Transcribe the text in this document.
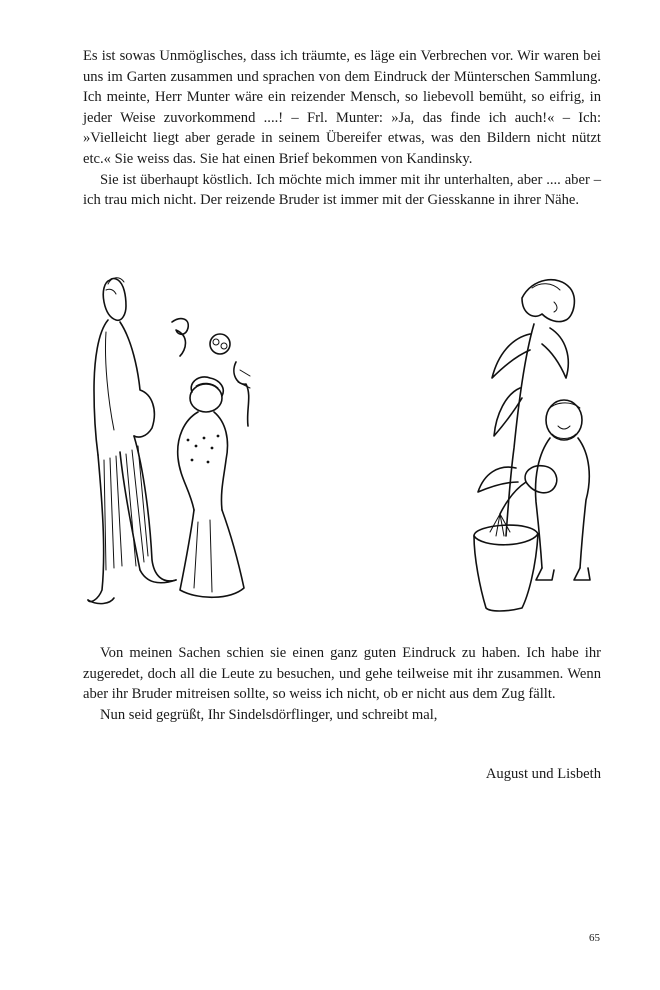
Es ist sowas Unmöglisches, dass ich träumte, es läge ein Verbrechen vor. Wir waren bei uns im Garten zusammen und sprachen von dem Eindruck der Münterschen Sammlung. Ich meinte, Herr Munter wäre ein reizender Mensch, so liebevoll bemüht, so eifrig, in jeder Weise zuvorkommend ....! – Frl. Munter: »Ja, das finde ich auch!« – Ich: »Vielleicht liegt aber gerade in seinem Übereifer etwas, was den Bildern nicht nützt etc.« Sie weiss das. Sie hat einen Brief bekommen von Kandinsky.

Sie ist überhaupt köstlich. Ich möchte mich immer mit ihr unterhalten, aber .... aber – ich trau mich nicht. Der reizende Bruder ist immer mit der Giesskanne in ihrer Nähe.

Von meinen Sachen schien sie einen ganz guten Eindruck zu haben. Ich habe ihr zugeredet, doch all die Leute zu besuchen, und gehe teilweise mit ihr zusammen. Wenn aber ihr Bruder mitreisen sollte, so weiss ich nicht, ob er nicht aus dem Zug fällt.

Nun seid gegrüßt, Ihr Sindelsdörflinger, und schreibt mal,

August und Lisbeth
65
